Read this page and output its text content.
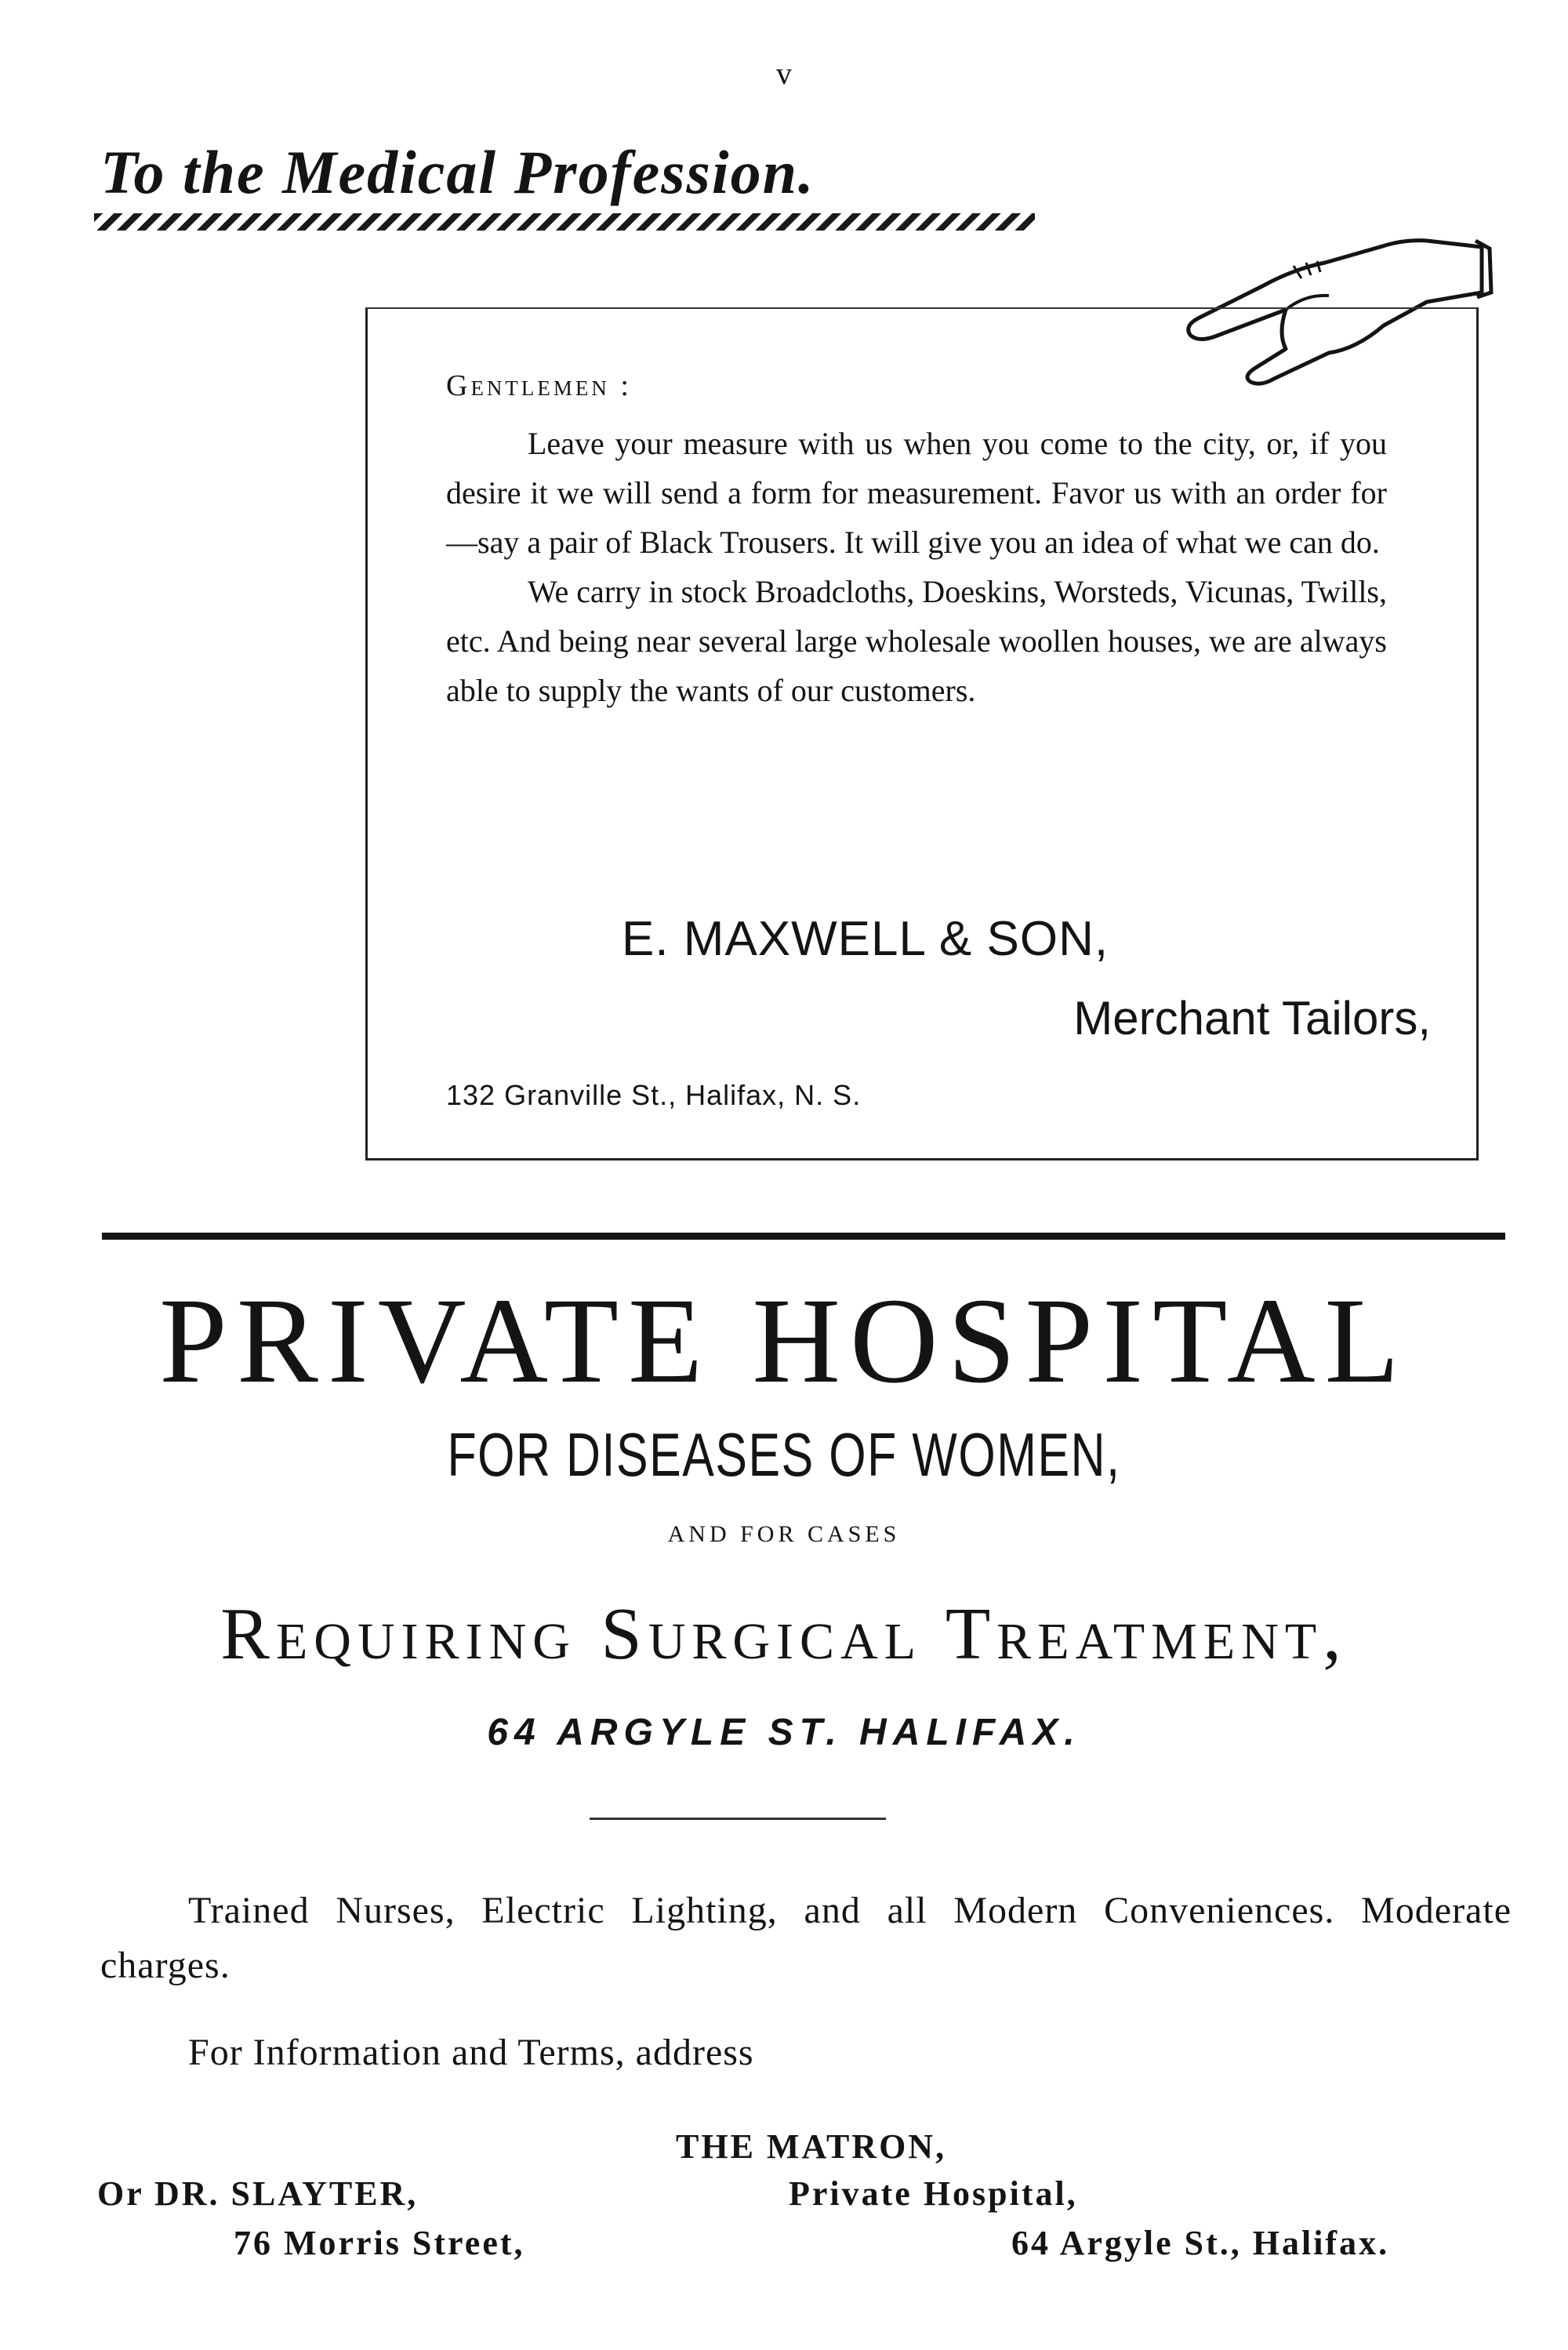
v
To the Medical Profession.
Gentlemen :

Leave your measure with us when you come to the city, or, if you desire it we will send a form for measurement. Favor us with an order for—say a pair of Black Trousers. It will give you an idea of what we can do.

We carry in stock Broadcloths, Doeskins, Worsteds, Vicunas, Twills, etc. And being near several large wholesale woollen houses, we are always able to supply the wants of our customers.

E. MAXWELL & SON,
Merchant Tailors,
132 Granville St., Halifax, N. S.
PRIVATE HOSPITAL
FOR DISEASES OF WOMEN,
AND FOR CASES
Requiring Surgical Treatment,
64 ARGYLE ST. HALIFAX.
Trained Nurses, Electric Lighting, and all Modern Conveniences. Moderate charges.
For Information and Terms, address
THE MATRON,
Private Hospital,
64 Argyle St., Halifax.
Or DR. SLAYTER,
76 Morris Street,
